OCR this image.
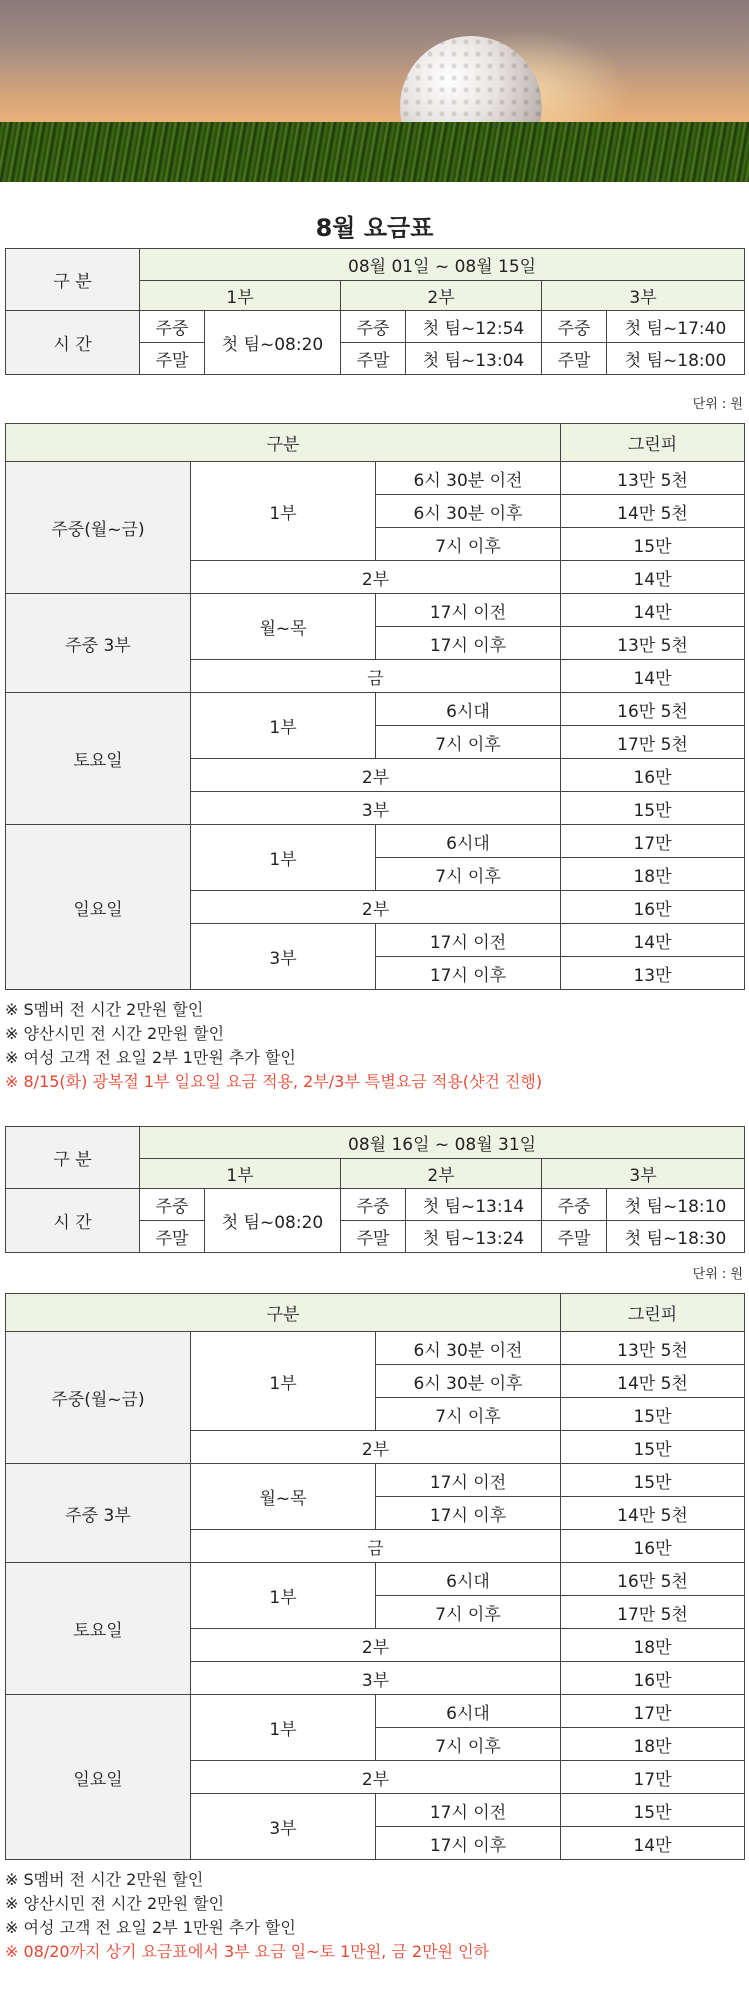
8월 요금표
구 분	08월 01일 ~ 08월 15일					
	1부		2부		3부	
시 간	주중	첫 팀~08:20	주중	첫 팀~12:54	주중	첫 팀~17:40
	주말		주말	첫 팀~13:04	주말	첫 팀~18:00
단위 : 원
구분			그린피
주중(월~금)	1부	6시 30분 이전	13만 5천
		6시 30분 이후	14만 5천
		7시 이후	15만
	2부		14만
주중 3부	월~목	17시 이전	14만
		17시 이후	13만 5천
	금		14만
토요일	1부	6시대	16만 5천
		7시 이후	17만 5천
	2부		16만
	3부		15만
일요일	1부	6시대	17만
		7시 이후	18만
	2부		16만
	3부	17시 이전	14만
		17시 이후	13만
※ S멤버 전 시간 2만원 할인
※ 양산시민 전 시간 2만원 할인
※ 여성 고객 전 요일 2부 1만원 추가 할인
※ 8/15(화) 광복절 1부 일요일 요금 적용, 2부/3부 특별요금 적용(샷건 진행)
구 분	08월 16일 ~ 08월 31일					
	1부		2부		3부	
시 간	주중	첫 팀~08:20	주중	첫 팀~13:14	주중	첫 팀~18:10
	주말		주말	첫 팀~13:24	주말	첫 팀~18:30
단위 : 원
구분			그린피
주중(월~금)	1부	6시 30분 이전	13만 5천
		6시 30분 이후	14만 5천
		7시 이후	15만
	2부		15만
주중 3부	월~목	17시 이전	15만
		17시 이후	14만 5천
	금		16만
토요일	1부	6시대	16만 5천
		7시 이후	17만 5천
	2부		18만
	3부		16만
일요일	1부	6시대	17만
		7시 이후	18만
	2부		17만
	3부	17시 이전	15만
		17시 이후	14만
※ S멤버 전 시간 2만원 할인
※ 양산시민 전 시간 2만원 할인
※ 여성 고객 전 요일 2부 1만원 추가 할인
※ 08/20까지 상기 요금표에서 3부 요금 일~토 1만원, 금 2만원 인하
